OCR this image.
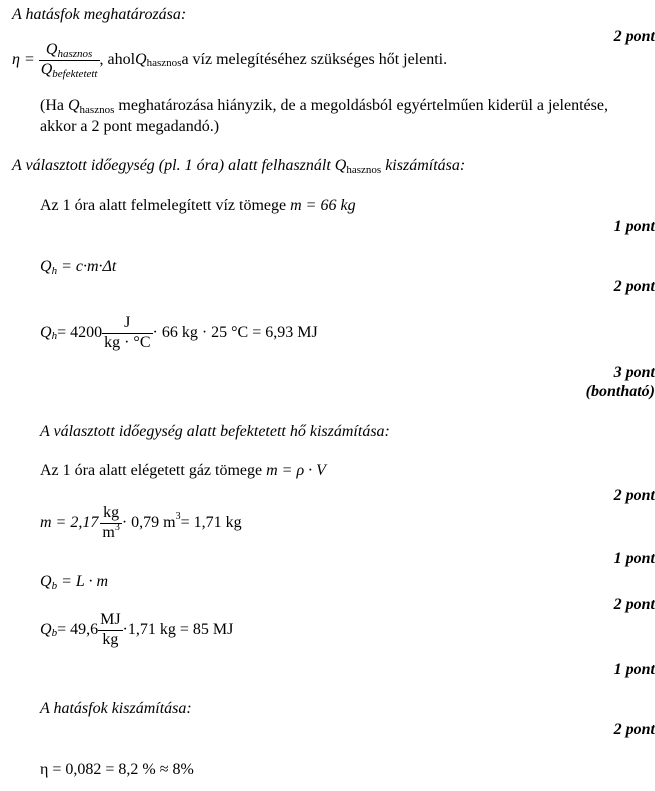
A hatásfok meghatározása:
2 pont
$\eta = \frac{\text{Qhasznos}}{\text{Qbefektetett}}$ , ahol Q hasznos a víz melegítéséhez szükséges hőt jelenti.
(Ha Qhasznos meghatározása hiányzik, de a megoldásból egyértelműen kiderül a jelentése,
akkor a 2 pont megadandó.)
A választott időegység (pl. 1 óra) alatt felhasznált Qhasznos kiszámítása:
Az 1 óra alatt felmelegített víz tömege m = 66 kg
1 pont
Qh = c·m·Δt
2 pont
Q $h = 4200 \frac{J}{kg \cdot ^\circ C} \cdot 66$ kg · 25 °C = 6,93 MJ
3 pont
(bontható)
A választott időegység alatt befektetett hő kiszámítása:
Az 1 óra alatt elégetett gáz tömege m = ρ · V
2 pont
$m = 2,17 \frac{kg}{m^3} \cdot 0,79$ m 3 = 1,71 kg
1 pont
Qb = L · m
2 pont
Q $b = 49,6 \frac{MJ}{kg} \cdot 1,71$ kg = 85 MJ
1 pont
A hatásfok kiszámítása:
2 pont
η = 0,082 = 8,2 % ≈ 8%
